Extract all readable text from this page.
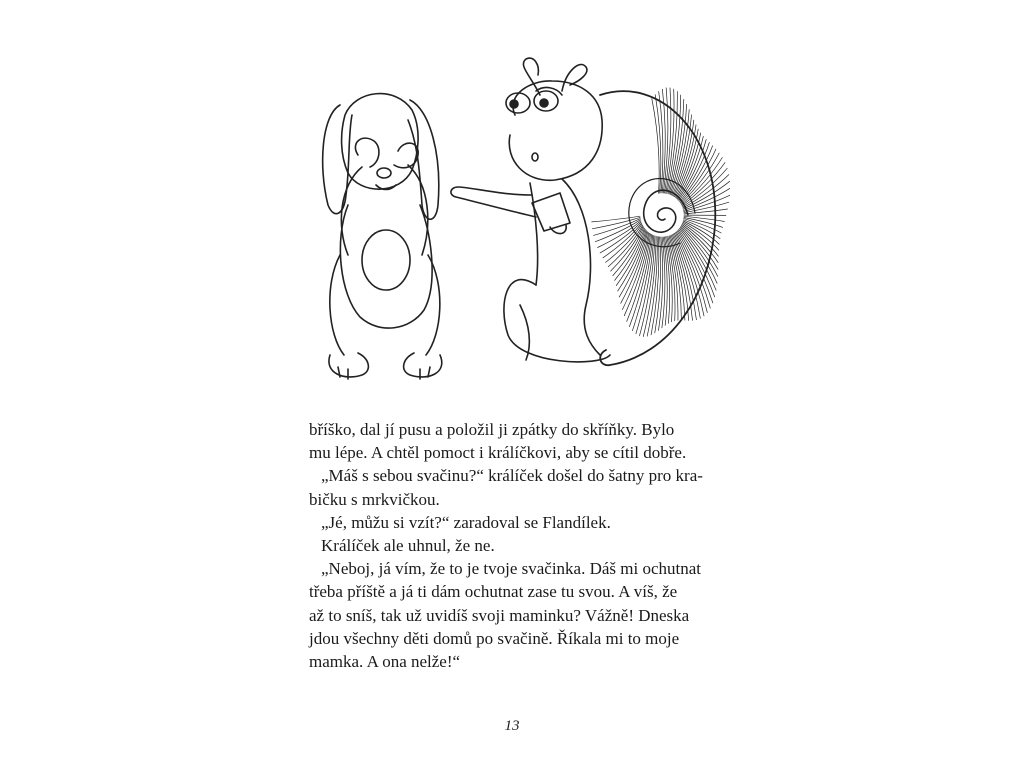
bříško, dal jí pusu a položil ji zpátky do skříňky. Bylo
mu lépe. A chtěl pomoct i králíčkovi, aby se cítil dobře.
„Máš s sebou svačinu?“ králíček došel do šatny pro kra-
bičku s mrkvičkou.
„Jé, můžu si vzít?“ zaradoval se Flandílek.
Králíček ale uhnul, že ne.
„Neboj, já vím, že to je tvoje svačinka. Dáš mi ochutnat
třeba příště a já ti dám ochutnat zase tu svou. A víš, že
až to sníš, tak už uvidíš svoji maminku? Vážně! Dneska
jdou všechny děti domů po svačině. Říkala mi to moje
mamka. A ona nelže!“
13
